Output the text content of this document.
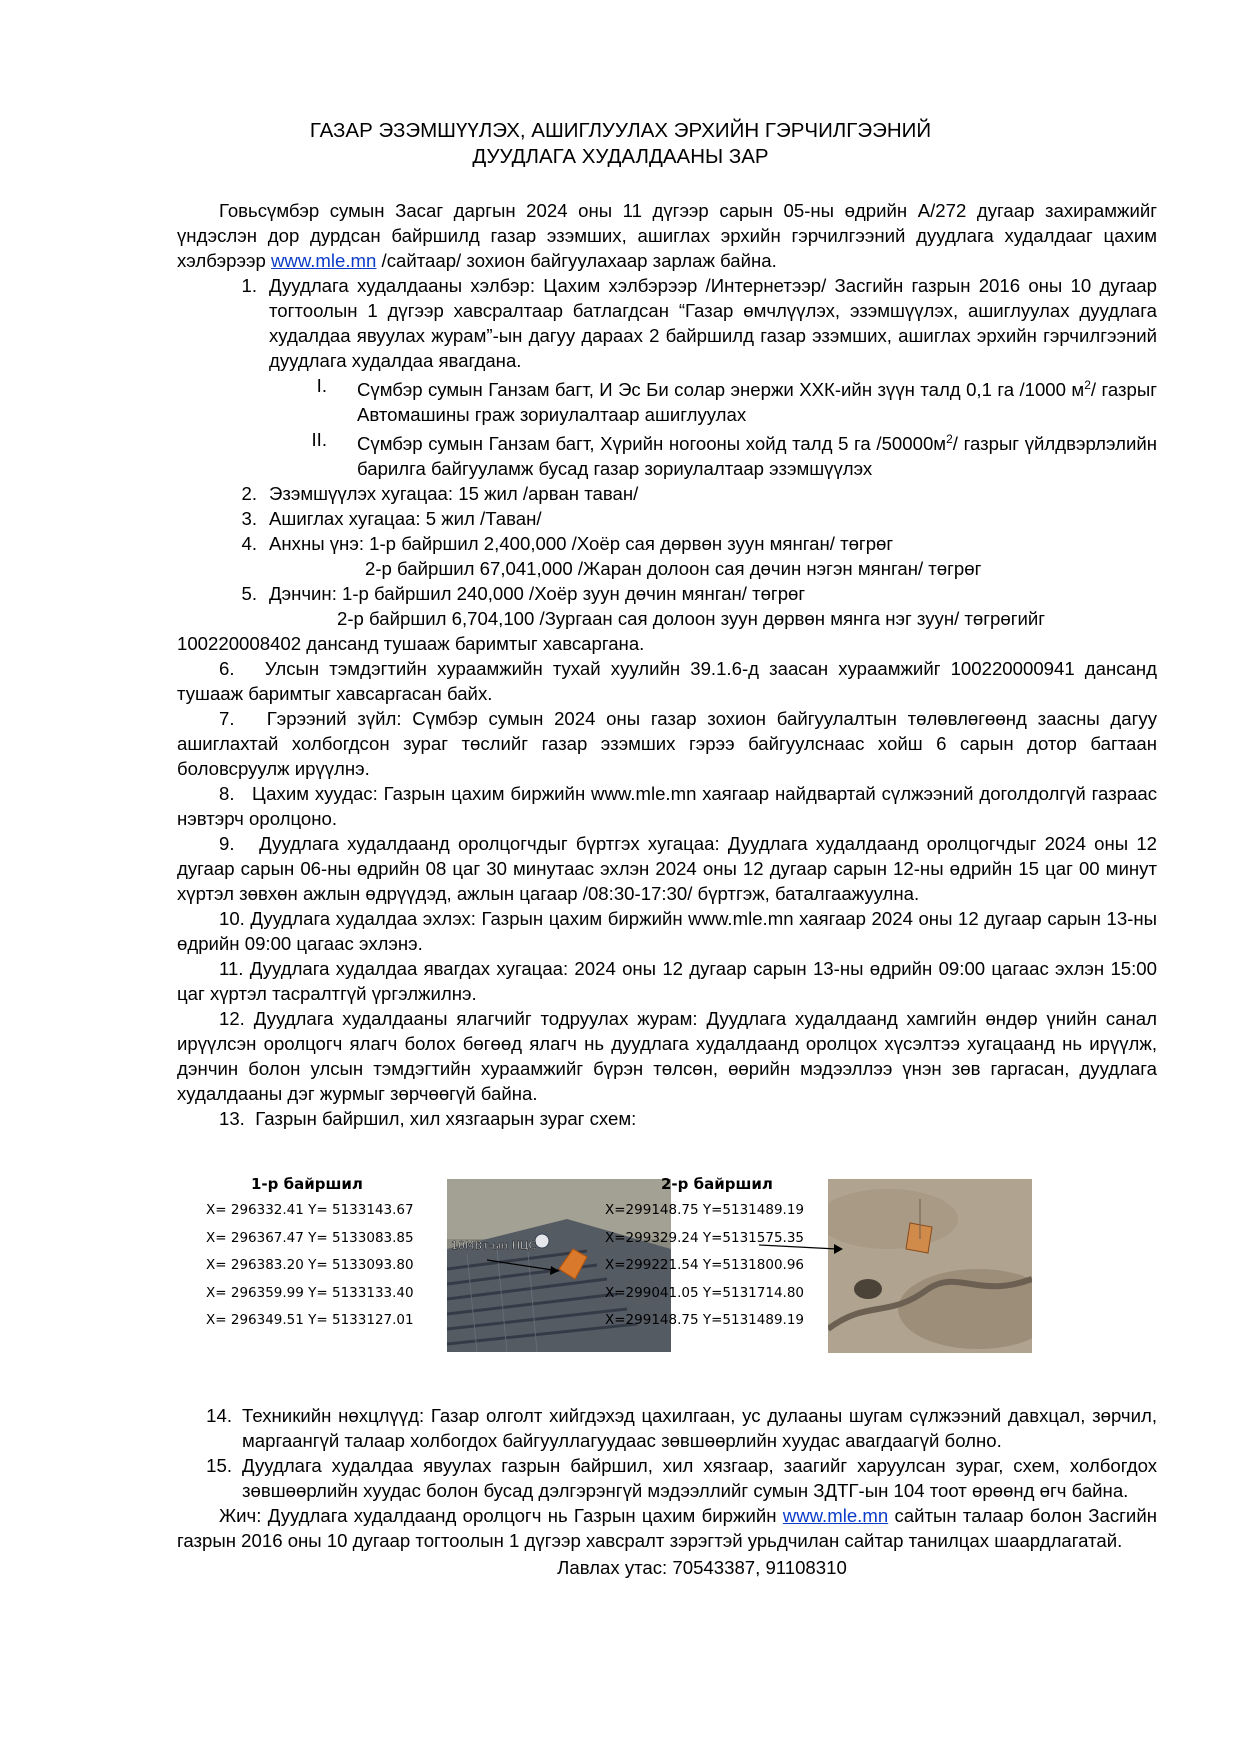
ГАЗАР ЭЗЭМШҮҮЛЭХ, АШИГЛУУЛАХ ЭРХИЙН ГЭРЧИЛГЭЭНИЙ
ДУУДЛАГА ХУДАЛДААНЫ ЗАР

Говьсүмбэр сумын Засаг даргын 2024 оны 11 дүгээр сарын 05-ны өдрийн А/272 дугаар захирамжийг үндэслэн дор дурдсан байршилд газар эзэмших, ашиглах эрхийн гэрчилгээний дуудлага худалдааг цахим хэлбэрээр www.mle.mn /сайтаар/ зохион байгуулахаар зарлаж байна.

1. Дуудлага худалдааны хэлбэр: Цахим хэлбэрээр /Интернетээр/ Засгийн газрын 2016 оны 10 дугаар тогтоолын 1 дүгээр хавсралтаар батлагдсан “Газар өмчлүүлэх, эзэмшүүлэх, ашиглуулах дуудлага худалдаа явуулах журам”-ын дагуу дараах 2 байршилд газар эзэмших, ашиглах эрхийн гэрчилгээний дуудлага худалдаа явагдана.
I.	Сүмбэр сумын Ганзам багт, И Эс Би солар энержи ХХК-ийн зүүн талд 0,1 га /1000 $м^2/$ газрыг Автомашины граж зориулалтаар ашиглуулах
II.	Сүмбэр сумын Ганзам багт, Хүрийн ногооны хойд талд 5 га $/50000м^2/$ газрыг үйлдвэрлэлийн барилга байгууламж бусад газар зориулалтаар эзэмшүүлэх
2. Эзэмшүүлэх хугацаа: 15 жил /арван таван/
3. Ашиглах хугацаа: 5 жил /Таван/
4. Анхны үнэ: 1-р байршил 2,400,000 /Хоёр сая дөрвөн зуун мянган/ төгрөг
2-р байршил 67,041,000 /Жаран долоон сая дөчин нэгэн мянган/ төгрөг
5. Дэнчин: 1-р байршил 240,000 /Хоёр зуун дөчин мянган/ төгрөг
2-р байршил 6,704,100 /Зургаан сая долоон зуун дөрвөн мянга нэг зуун/ төгрөгийг
100220008402 дансанд тушааж баримтыг хавсаргана.

6. Улсын тэмдэгтийн хураамжийн тухай хуулийн 39.1.6-д заасан хураамжийг 100220000941 дансанд тушааж баримтыг хавсаргасан байх.

7. Гэрээний зүйл: Сүмбэр сумын 2024 оны газар зохион байгуулалтын төлөвлөгөөнд заасны дагуу ашиглахтай холбогдсон зураг төслийг газар эзэмших гэрээ байгуулснаас хойш 6 сарын дотор багтаан боловсруулж ирүүлнэ.

8. Цахим хуудас: Газрын цахим биржийн www.mle.mn хаягаар найдвартай сүлжээний доголдолгүй газраас нэвтэрч оролцоно.

9. Дуудлага худалдаанд оролцогчдыг бүртгэх хугацаа: Дуудлага худалдаанд оролцогчдыг 2024 оны 12 дугаар сарын 06-ны өдрийн 08 цаг 30 минутаас эхлэн 2024 оны 12 дугаар сарын 12-ны өдрийн 15 цаг 00 минут хүртэл зөвхөн ажлын өдрүүдэд, ажлын цагаар /08:30-17:30/ бүртгэж, баталгаажуулна.

10. Дуудлага худалдаа эхлэх: Газрын цахим биржийн www.mle.mn хаягаар 2024 оны 12 дугаар сарын 13-ны өдрийн 09:00 цагаас эхлэнэ.

11. Дуудлага худалдаа явагдах хугацаа: 2024 оны 12 дугаар сарын 13-ны өдрийн 09:00 цагаас эхлэн 15:00 цаг хүртэл тасралтгүй үргэлжилнэ.

12. Дуудлага худалдааны ялагчийг тодруулах журам: Дуудлага худалдаанд хамгийн өндөр үнийн санал ирүүлсэн оролцогч ялагч болох бөгөөд ялагч нь дуудлага худалдаанд оролцох хүсэлтээ хугацаанд нь ирүүлж, дэнчин болон улсын тэмдэгтийн хураамжийг бүрэн төлсөн, өөрийн мэдээллээ үнэн зөв гаргасан, дуудлага худалдааны дэг журмыг зөрчөөгүй байна.

13. Газрын байршил, хил хязгаарын зураг схем:

1-р байршил
X= 296332.41 Y= 5133143.67
X= 296367.47 Y= 5133083.85
X= 296383.20 Y= 5133093.80
X= 296359.99 Y= 5133133.40
X= 296349.51 Y= 5133127.01
10МВт-ын НЦС
2-р байршил
X=299148.75 Y=5131489.19
X=299329.24 Y=5131575.35
X=299221.54 Y=5131800.96
X=299041.05 Y=5131714.80
X=299148.75 Y=5131489.19
14. Техникийн нөхцлүүд: Газар олголт хийгдэхэд цахилгаан, ус дулааны шугам сүлжээний давхцал, зөрчил, маргаангүй талаар холбогдох байгууллагуудаас зөвшөөрлийн хуудас авагдаагүй болно.
15. Дуудлага худалдаа явуулах газрын байршил, хил хязгаар, заагийг харуулсан зураг, схем, холбогдох зөвшөөрлийн хуудас болон бусад дэлгэрэнгүй мэдээллийг сумын ЗДТГ-ын 104 тоот өрөөнд өгч байна.

Жич: Дуудлага худалдаанд оролцогч нь Газрын цахим биржийн www.mle.mn сайтын талаар болон Засгийн газрын 2016 оны 10 дугаар тогтоолын 1 дүгээр хавсралт зэрэгтэй урьдчилан сайтар танилцах шаардлагатай.

Лавлах утас: 70543387, 91108310
